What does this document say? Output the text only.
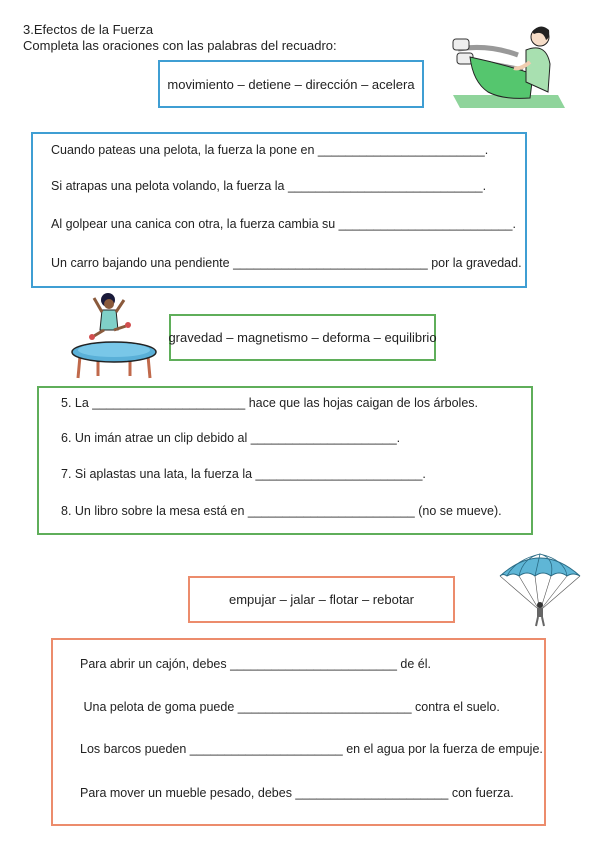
3.Efectos de la Fuerza
Completa las oraciones con las palabras del recuadro:
movimiento – detiene – dirección – acelera
Cuando pateas una pelota, la fuerza la pone en ________________________.
Si atrapas una pelota volando, la fuerza la ____________________________.
Al golpear una canica con otra, la fuerza cambia su _________________________.
Un carro bajando una pendiente ____________________________ por la gravedad.
gravedad – magnetismo – deforma – equilibrio
5. La ______________________ hace que las hojas caigan de los árboles.
6. Un imán atrae un clip debido al _____________________.
7. Si aplastas una lata, la fuerza la ________________________.
8. Un libro sobre la mesa está en ________________________ (no se mueve).
empujar – jalar – flotar – rebotar
Para abrir un cajón, debes ________________________ de él.
Una pelota de goma puede _________________________ contra el suelo.
Los barcos pueden ______________________ en el agua por la fuerza de empuje.
Para mover un mueble pesado, debes ______________________ con fuerza.
